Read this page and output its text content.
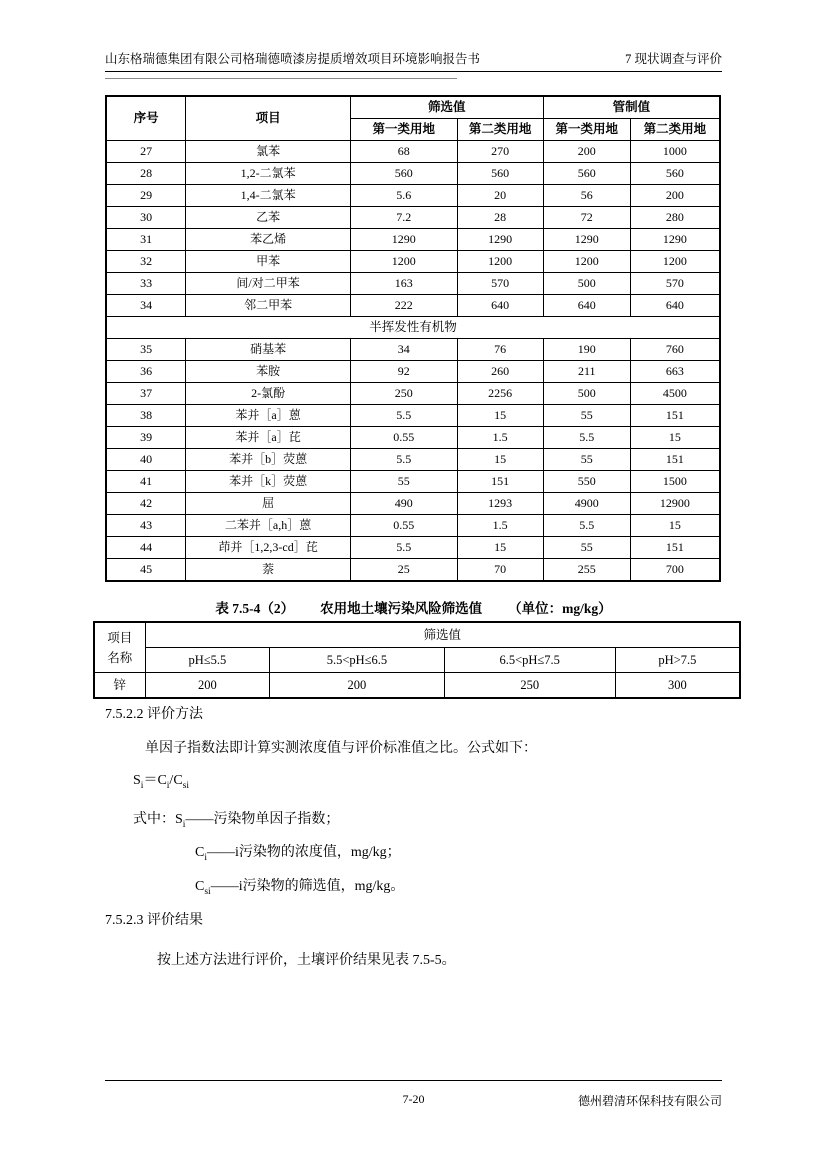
山东格瑞德集团有限公司格瑞德喷漆房提质增效项目环境影响报告书	7 现状调查与评价
序号	项目	筛选值		管制值	
		第一类用地	第二类用地	第一类用地	第二类用地
27	氯苯	68	270	200	1000
28	1,2-二氯苯	560	560	560	560
29	1,4-二氯苯	5.6	20	56	200
30	乙苯	7.2	28	72	280
31	苯乙烯	1290	1290	1290	1290
32	甲苯	1200	1200	1200	1200
33	间/对二甲苯	163	570	500	570
34	邻二甲苯	222	640	640	640
半挥发性有机物					
35	硝基苯	34	76	190	760
36	苯胺	92	260	211	663
37	2-氯酚	250	2256	500	4500
38	苯并［a］蒽	5.5	15	55	151
39	苯并［a］芘	0.55	1.5	5.5	15
40	苯并［b］荧蒽	5.5	15	55	151
41	苯并［k］荧蒽	55	151	550	1500
42	屈	490	1293	4900	12900
43	二苯并［a,h］蒽	0.55	1.5	5.5	15
44	茚并［1,2,3-cd］芘	5.5	15	55	151
45	萘	25	70	255	700
表 7.5-4（2） 农用地土壤污染风险筛选值 （单位：mg/kg）
项目
名称	筛选值			
	pH≤5.5	5.5<pH≤6.5	6.5<pH≤7.5	pH>7.5
锌	200	200	250	300
7.5.2.2 评价方法

单因子指数法即计算实测浓度值与评价标准值之比。公式如下：

$S_i=C_i/C_{si}$

式中：$S_i——$污染物单因子指数；

$C_i——i$污染物的浓度值，mg/kg；

$C_{si}——i$污染物的筛选值，mg/kg。

7.5.2.3 评价结果

按上述方法进行评价，土壤评价结果见表 7.5-5。

7-20	德州碧清环保科技有限公司
